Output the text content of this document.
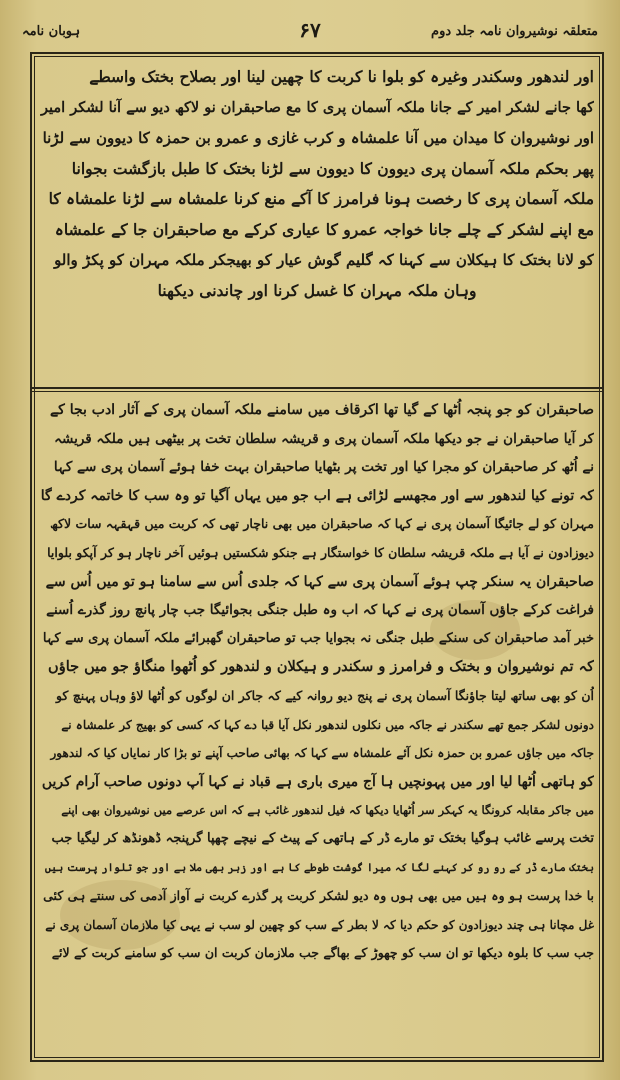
ہوبان نامہ	۶۷	متعلقہ نوشیروان نامہ جلد دوم
اور لندھور وسکندر وغیرہ کو بلوا نا کربت کا چھین لینا اور بصلاح بختک واسطے
کھا جانے لشکر امیر کے جانا ملکہ آسمان پری کا مع صاحبقران نو لاکھ دیو سے آنا لشکر امیر
اور نوشیروان کا میدان میں آنا علمشاہ و کرب غازی و عمرو بن حمزہ کا دیوون سے لڑنا
پھر بحکم ملکہ آسمان پری دیوون کا دیوون سے لڑنا بختک کا طبل بازگشت بجوانا
ملکہ آسمان پری کا رخصت ہونا فرامرز کا آکے منع کرنا علمشاہ سے لڑنا علمشاہ کا
مع اپنے لشکر کے چلے جانا خواجہ عمرو کا عیاری کرکے مع صاحبقران جا کے علمشاہ
کو لانا بختک کا ہیکلان سے کہنا کہ گلیم گوش عیار کو بھیجکر ملکہ مہران کو پکڑ والو
وہان ملکہ مہران کا غسل کرنا اور چاندنی دیکھنا
صاحبقران کو جو پنجہ اُٹھا کے گیا تھا اکرقاف میں سامنے ملکہ آسمان پری کے آثار ادب بجا کے
کر آیا صاحبقران نے جو دیکھا ملکہ آسمان پری و قریشہ سلطان تخت پر بیٹھی ہیں ملکہ قریشہ
نے اُٹھ کر صاحبقران کو مجرا کیا اور تخت پر بٹھایا صاحبقران بہت خفا ہوئے آسمان پری سے کہا
کہ تونے کیا لندھور سے اور مجھسے لڑائی ہے اب جو میں یہاں آگیا تو وہ سب کا خاتمہ کردے گا
مہران کو لے جائیگا آسمان پری نے کہا کہ صاحبقران میں بھی ناچار تھی کہ کربت میں قہقہہ سات لاکھ
دیوزادون نے آیا ہے ملکہ قریشہ سلطان کا خواستگار ہے جنکو شکستیں ہوئیں آخر ناچار ہو کر آپکو بلوایا
صاحبقران یہ سنکر چپ ہوئے آسمان پری سے کہا کہ جلدی اُس سے سامنا ہو تو میں اُس سے
فراغت کرکے جاؤں آسمان پری نے کہا کہ اب وہ طبل جنگی بجوائیگا جب چار پانچ روز گذرے اُسنے
خبر آمد صاحبقران کی سنکے طبل جنگی نہ بجوایا جب تو صاحبقران گھبرائے ملکہ آسمان پری سے کہا
کہ تم نوشیروان و بختک و فرامرز و سکندر و ہیکلان و لندھور کو اُٹھوا منگاؤ جو میں جاؤں
اُن کو بھی ساتھ لیتا جاؤنگا آسمان پری نے پنج دیو روانہ کیے کہ جاکر ان لوگوں کو اُٹھا لاؤ وہاں پہنچ کو
دونوں لشکر جمع تھے سکندر نے جاکہ میں نکلوں لندھور نکل آیا قبا دے کہا کہ کسی کو بھیج کر علمشاہ نے
جاکہ میں جاؤں عمرو بن حمزہ نکل آئے علمشاہ سے کہا کہ بھائی صاحب آپنے تو بڑا کار نمایاں کیا کہ لندھور
کو ہاتھی اُٹھا لیا اور میں پہونچیں ہا آج میری باری ہے قباد نے کہا آپ دونوں صاحب آرام کریں
میں جاکر مقابلہ کرونگا یہ کہکر سر اُٹھایا دیکھا کہ فیل لندھور غائب ہے کہ اس عرصے میں نوشیروان بھی اپنے
تخت پرسے غائب ہوگیا بختک تو مارے ڈر کے ہاتھی کے پیٹ کے نیچے چھپا گرپنجہ ڈھونڈھ کر لیگیا جب
بختک مارے ڈر کے رو رو کر کہنے لگا کہ میرا گوشت طوطے کا ہے اور زہر بھی ملا ہے اور جو تلوار پرست ہیں
با خدا پرست ہو وہ ہیں میں بھی ہوں وہ دیو لشکر کربت پر گذرے کربت نے آواز آدمی کی سنتے ہی کئی
غل مچانا ہی چند دیوزادون کو حکم دیا کہ لا بطر کے سب کو چھین لو سب نے یہی کیا ملازمان آسمان پری نے
جب سب کا بلوہ دیکھا تو ان سب کو چھوڑ کے بھاگے جب ملازمان کربت ان سب کو سامنے کربت کے لائے
